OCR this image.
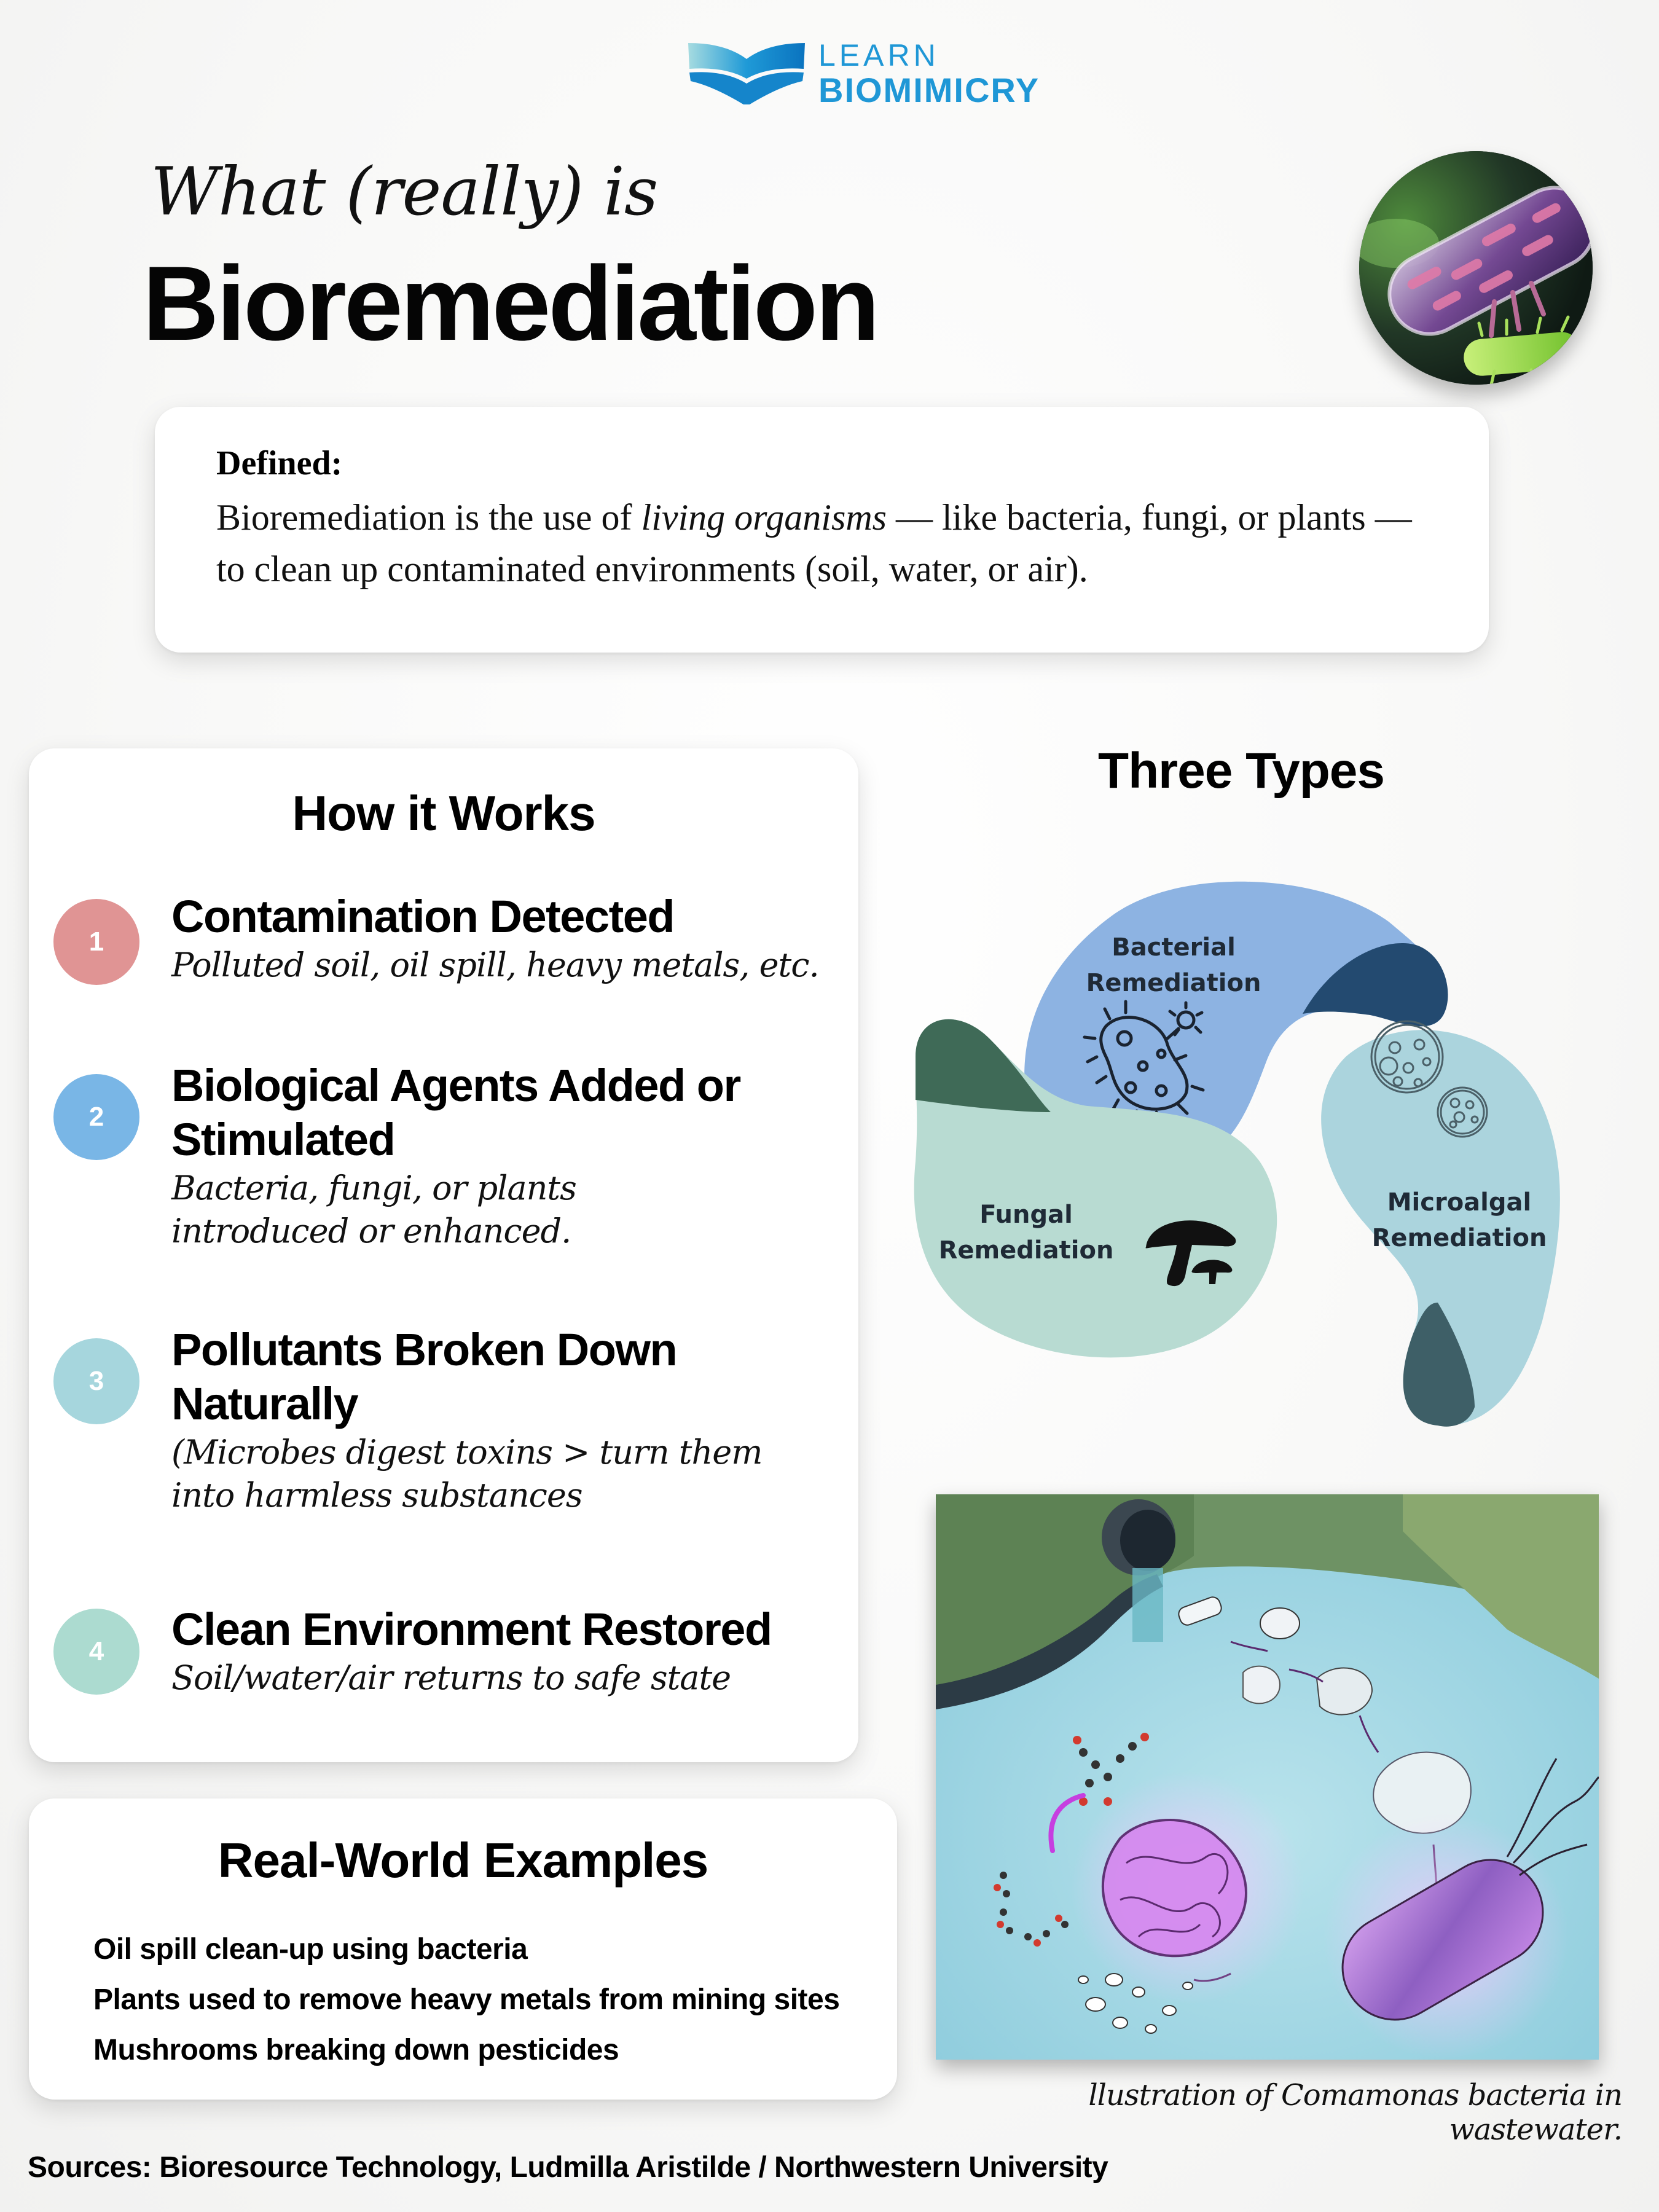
LEARN
BIOMIMICRY
What (really) is
Bioremediation
Defined:
Bioremediation is the use of living organisms — like bacteria, fungi, or plants — to clean up contaminated environments (soil, water, or air).
How it Works
1	Contamination Detected
Polluted soil, oil spill, heavy metals, etc.
2
Biological Agents Added or Stimulated
Bacteria, fungi, or plants introduced or enhanced.
3
Pollutants Broken Down Naturally
(Microbes digest toxins > turn them into harmless substances
4	Clean Environment Restored
Soil/water/air returns to safe state
Three Types
Bacterial Remediation
Microalgal Remediation
Fungal Remediation
Real-World Examples
Oil spill clean-up using bacteria
Plants used to remove heavy metals from mining sites
Mushrooms breaking down pesticides
llustration of Comamonas bacteria in wastewater.
Sources: Bioresource Technology, Ludmilla Aristilde / Northwestern University
